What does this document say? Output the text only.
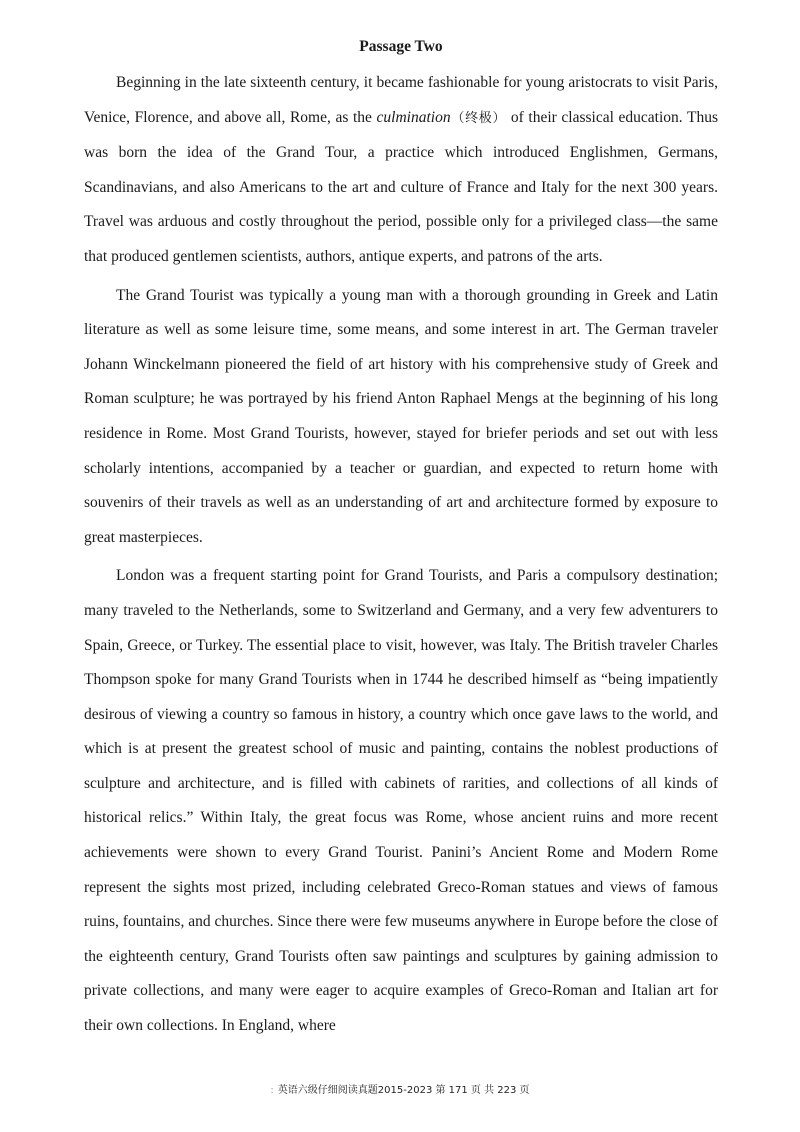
Passage Two

Beginning in the late sixteenth century, it became fashionable for young aristocrats to visit Paris, Venice, Florence, and above all, Rome, as the culmination（终极） of their classical education. Thus was born the idea of the Grand Tour, a practice which introduced Englishmen, Germans, Scandinavians, and also Americans to the art and culture of France and Italy for the next 300 years. Travel was arduous and costly throughout the period, possible only for a privileged class—the same that produced gentlemen scientists, authors, antique experts, and patrons of the arts.

The Grand Tourist was typically a young man with a thorough grounding in Greek and Latin literature as well as some leisure time, some means, and some interest in art. The German traveler Johann Winckelmann pioneered the field of art history with his comprehensive study of Greek and Roman sculpture; he was portrayed by his friend Anton Raphael Mengs at the beginning of his long residence in Rome. Most Grand Tourists, however, stayed for briefer periods and set out with less scholarly intentions, accompanied by a teacher or guardian, and expected to return home with souvenirs of their travels as well as an understanding of art and architecture formed by exposure to great masterpieces.

London was a frequent starting point for Grand Tourists, and Paris a compulsory destination; many traveled to the Netherlands, some to Switzerland and Germany, and a very few adventurers to Spain, Greece, or Turkey. The essential place to visit, however, was Italy. The British traveler Charles Thompson spoke for many Grand Tourists when in 1744 he described himself as “being impatiently desirous of viewing a country so famous in history, a country which once gave laws to the world, and which is at present the greatest school of music and painting, contains the noblest productions of sculpture and architecture, and is filled with cabinets of rarities, and collections of all kinds of historical relics.” Within Italy, the great focus was Rome, whose ancient ruins and more recent achievements were shown to every Grand Tourist. Panini’s Ancient Rome and Modern Rome represent the sights most prized, including celebrated Greco-Roman statues and views of famous ruins, fountains, and churches. Since there were few museums anywhere in Europe before the close of the eighteenth century, Grand Tourists often saw paintings and sculptures by gaining admission to private collections, and many were eager to acquire examples of Greco-Roman and Italian art for their own collections. In England, where

: 英语六级仔细阅读真题2015-2023 第 171 页 共 223 页
